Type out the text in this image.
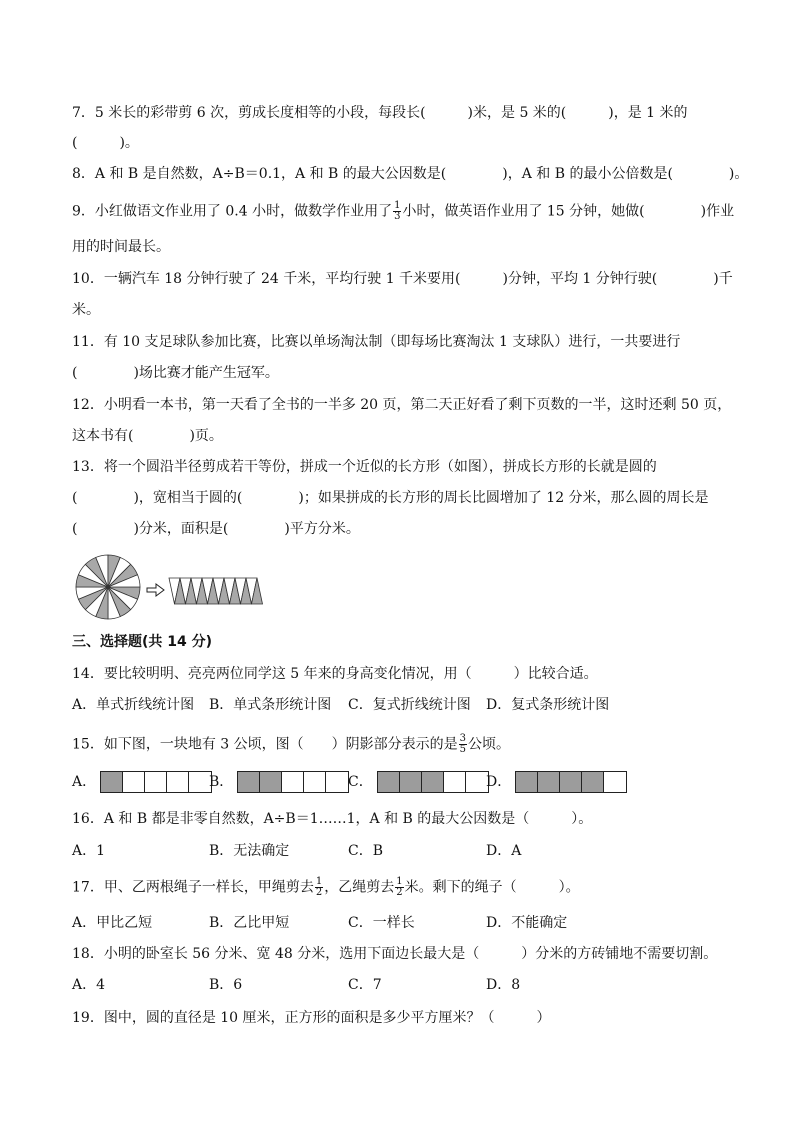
7．5 米长的彩带剪 6 次，剪成长度相等的小段，每段长(　　　)米，是 5 米的(　　　)，是 1 米的
(　　　)。
8．A 和 B 是自然数，A÷B＝0.1，A 和 B 的最大公因数是(　　　　)，A 和 B 的最小公倍数是(　　　　)。
9．小红做语文作业用了 0.4 小时，做数学作业用了 $\frac{1}{3}$ 小时，做英语作业用了 15 分钟，她做(　　　　)作业
用的时间最长。
10．一辆汽车 18 分钟行驶了 24 千米，平均行驶 1 千米要用(　　　)分钟，平均 1 分钟行驶(　　　　)千
米。
11．有 10 支足球队参加比赛，比赛以单场淘汰制（即每场比赛淘汰 1 支球队）进行，一共要进行
(　　　　)场比赛才能产生冠军。
12．小明看一本书，第一天看了全书的一半多 20 页，第二天正好看了剩下页数的一半，这时还剩 50 页，
这本书有(　　　　)页。
13．将一个圆沿半径剪成若干等份，拼成一个近似的长方形（如图），拼成长方形的长就是圆的
(　　　　)，宽相当于圆的(　　　　)；如果拼成的长方形的周长比圆增加了 12 分米，那么圆的周长是
(　　　　)分米，面积是(　　　　)平方分米。
三、选择题(共 14 分)
14．要比较明明、亮亮两位同学这 5 年来的身高变化情况，用（　　　）比较合适。
A．单式折线统计图 B．单式条形统计图 C．复式折线统计图 D．复式条形统计图
15．如下图，一块地有 3 公顷，图（　　）阴影部分表示的是 $\frac{3}{5}$ 公顷。
A．	B．	C．	D．
16．A 和 B 都是非零自然数，A÷B＝1……1，A 和 B 的最大公因数是（　　　）。
A．1	B．无法确定	C．B	D．A
17．甲、乙两根绳子一样长，甲绳剪去 $\frac{1}{2}$ ，乙绳剪去 $\frac{1}{2}$ 米。剩下的绳子（　　　）。
A．甲比乙短	B．乙比甲短	C．一样长	D．不能确定
18．小明的卧室长 56 分米、宽 48 分米，选用下面边长最大是（　　　）分米的方砖铺地不需要切割。
A．4	B．6	C．7	D．8
19．图中，圆的直径是 10 厘米，正方形的面积是多少平方厘米？（　　　）
